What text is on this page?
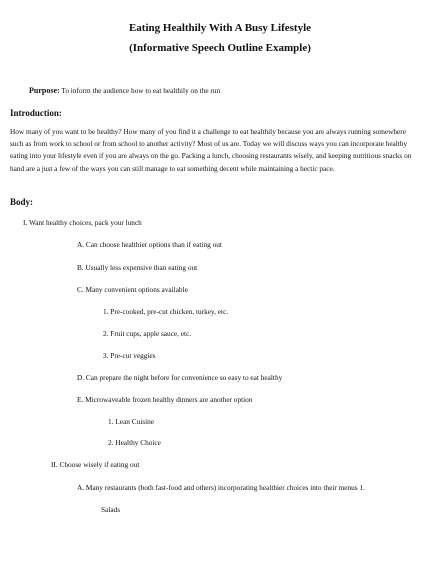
Eating Healthily With A Busy Lifestyle
(Informative Speech Outline Example)
Purpose: To inform the audience how to eat healthily on the run
Introduction:
How many of you want to be healthy? How many of you find it a challenge to eat healthily because you are always running somewhere such as from work to school or from school to another activity? Most of us are. Today we will discuss ways you can incorporate healthy eating into your lifestyle even if you are always on the go. Packing a lunch, choosing restaurants wisely, and keeping nutritious snacks on hand are a just a few of the ways you can still manage to eat something decent while maintaining a hectic pace.
Body:
I. Want healthy choices, pack your lunch
A. Can choose healthier options than if eating out
B. Usually less expensive than eating out
C. Many convenient options available
1. Pre-cooked, pre-cut chicken, turkey, etc.
2. Fruit cups, apple sauce, etc.
3. Pre-cut veggies
D. Can prepare the night before for convenience so easy to eat healthy
E. Microwaveable frozen healthy dinners are another option
1. Lean Cuisine
2. Healthy Choice
II. Choose wisely if eating out
A. Many restaurants (both fast-food and others) incorporating healthier choices into their menus 1.
Salads
